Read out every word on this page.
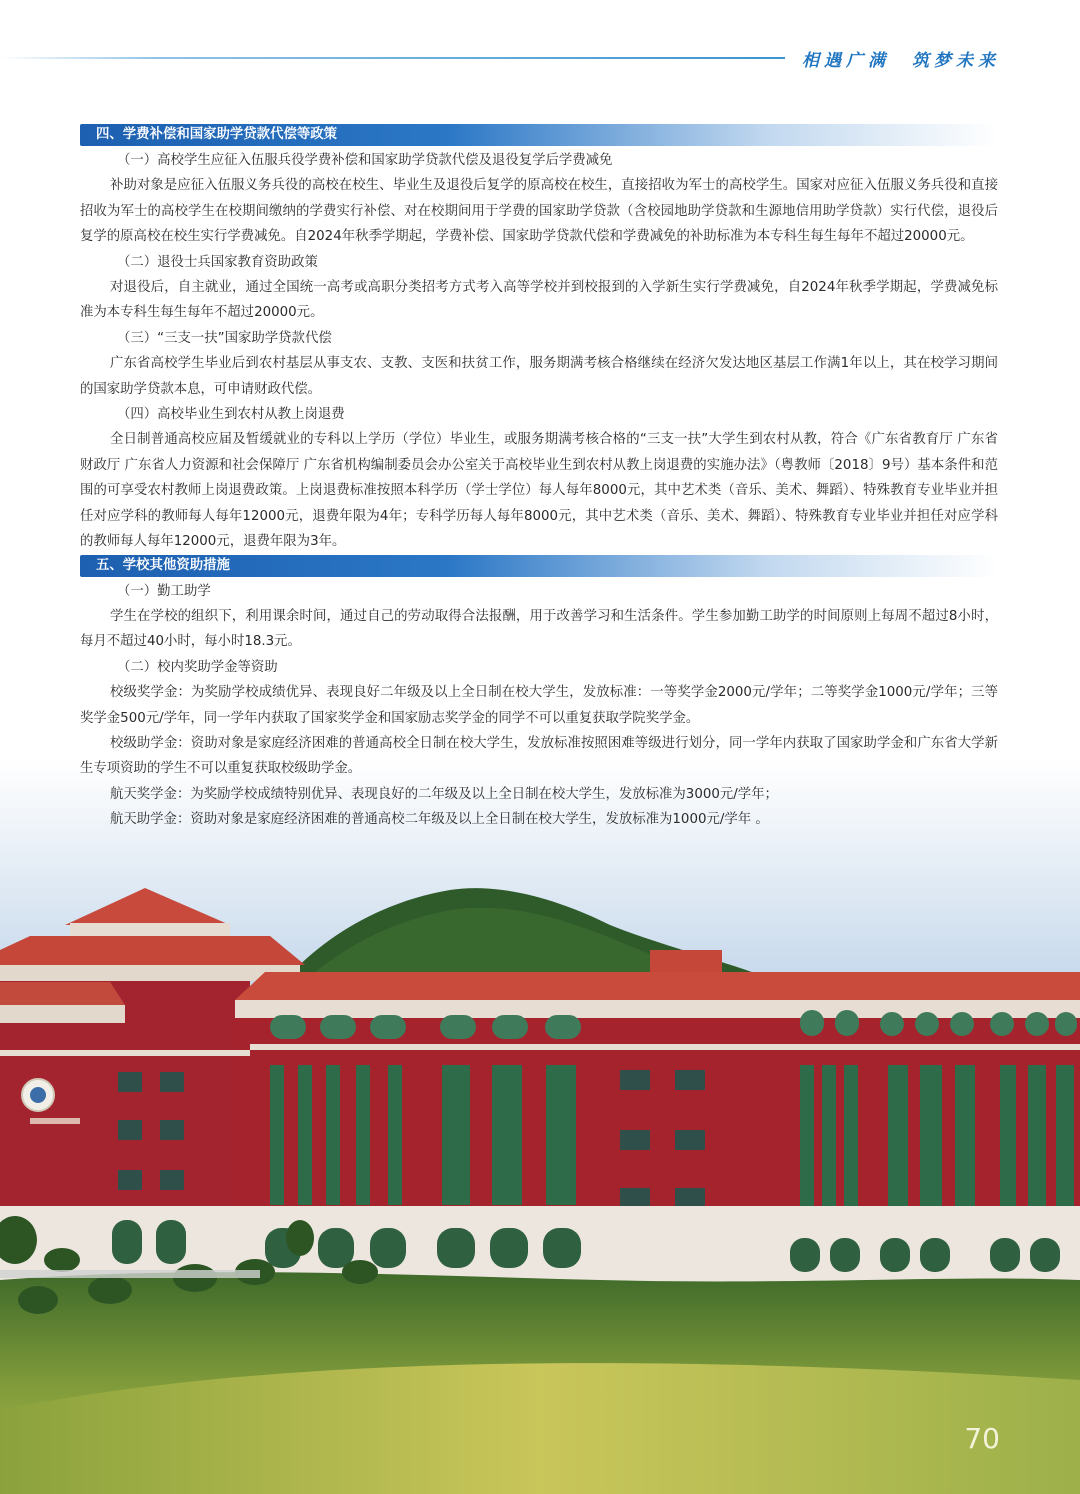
相遇广满 筑梦未来
四、学费补偿和国家助学贷款代偿等政策
（一）高校学生应征入伍服兵役学费补偿和国家助学贷款代偿及退役复学后学费减免

补助对象是应征入伍服义务兵役的高校在校生、毕业生及退役后复学的原高校在校生，直接招收为军士的高校学生。国家对应征入伍服义务兵役和直接招收为军士的高校学生在校期间缴纳的学费实行补偿、对在校期间用于学费的国家助学贷款（含校园地助学贷款和生源地信用助学贷款）实行代偿，退役后复学的原高校在校生实行学费减免。自2024年秋季学期起，学费补偿、国家助学贷款代偿和学费减免的补助标准为本专科生每生每年不超过20000元。

（二）退役士兵国家教育资助政策

对退役后，自主就业，通过全国统一高考或高职分类招考方式考入高等学校并到校报到的入学新生实行学费减免，自2024年秋季学期起，学费减免标准为本专科生每生每年不超过20000元。

（三）“三支一扶”国家助学贷款代偿

广东省高校学生毕业后到农村基层从事支农、支教、支医和扶贫工作，服务期满考核合格继续在经济欠发达地区基层工作满1年以上，其在校学习期间的国家助学贷款本息，可申请财政代偿。

（四）高校毕业生到农村从教上岗退费

全日制普通高校应届及暂缓就业的专科以上学历（学位）毕业生，或服务期满考核合格的“三支一扶”大学生到农村从教，符合《广东省教育厅 广东省财政厅 广东省人力资源和社会保障厅 广东省机构编制委员会办公室关于高校毕业生到农村从教上岗退费的实施办法》（粤教师〔2018〕9号）基本条件和范围的可享受农村教师上岗退费政策。上岗退费标准按照本科学历（学士学位）每人每年8000元，其中艺术类（音乐、美术、舞蹈）、特殊教育专业毕业并担任对应学科的教师每人每年12000元，退费年限为4年；专科学历每人每年8000元，其中艺术类（音乐、美术、舞蹈）、特殊教育专业毕业并担任对应学科的教师每人每年12000元，退费年限为3年。

五、学校其他资助措施
（一）勤工助学

学生在学校的组织下，利用课余时间，通过自己的劳动取得合法报酬，用于改善学习和生活条件。学生参加勤工助学的时间原则上每周不超过8小时，每月不超过40小时，每小时18.3元。

（二）校内奖助学金等资助

校级奖学金：为奖励学校成绩优异、表现良好二年级及以上全日制在校大学生，发放标准：一等奖学金2000元/学年；二等奖学金1000元/学年；三等奖学金500元/学年，同一学年内获取了国家奖学金和国家励志奖学金的同学不可以重复获取学院奖学金。

校级助学金：资助对象是家庭经济困难的普通高校全日制在校大学生，发放标准按照困难等级进行划分，同一学年内获取了国家助学金和广东省大学新生专项资助的学生不可以重复获取校级助学金。

航天奖学金：为奖励学校成绩特别优异、表现良好的二年级及以上全日制在校大学生，发放标准为3000元/学年；

航天助学金：资助对象是家庭经济困难的普通高校二年级及以上全日制在校大学生，发放标准为1000元/学年 。

70
